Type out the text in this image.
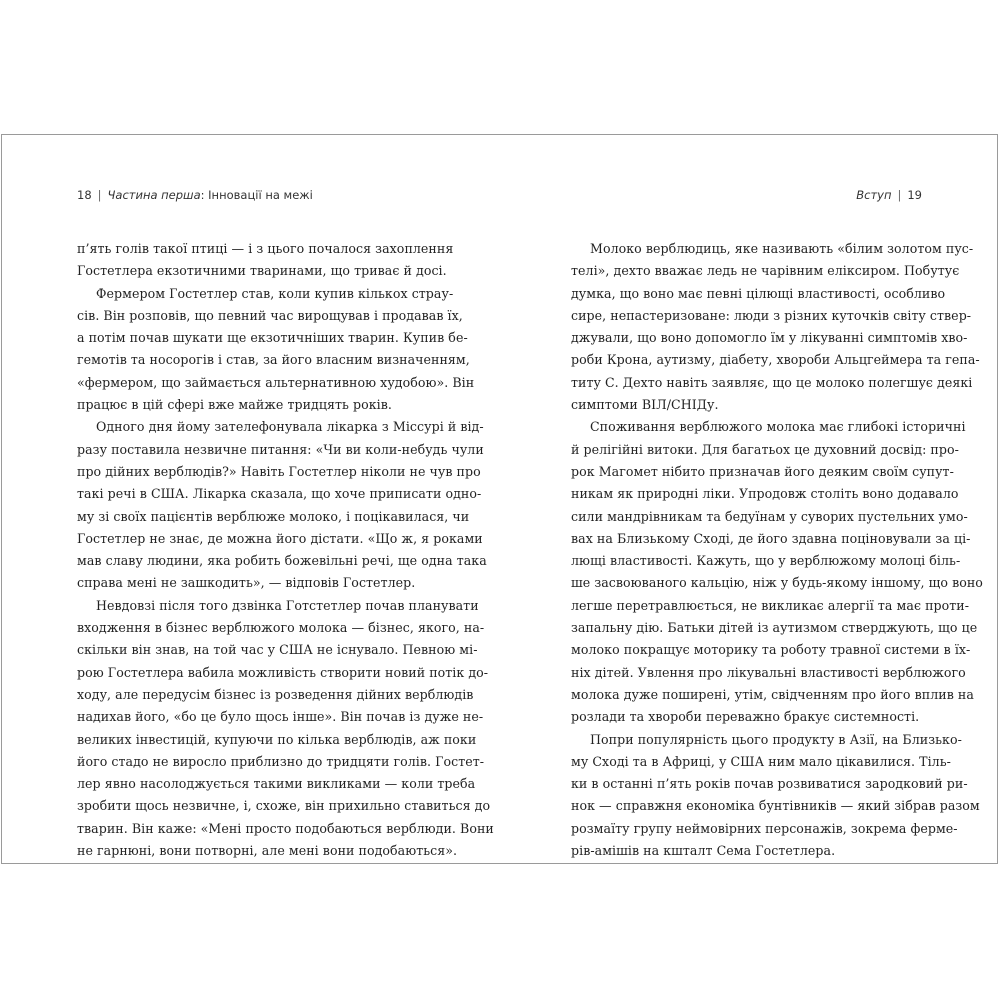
18 | Частина перша: Інновації на межі
п’ять голів такої птиці — і з цього почалося захоплення
Гостетлера екзотичними тваринами, що триває й досі.
Фермером Гостетлер став, коли купив кількох страу-
сів. Він розповів, що певний час вирощував і продавав їх,
а потім почав шукати ще екзотичніших тварин. Купив бе-
гемотів та носорогів і став, за його власним визначенням,
«фермером, що займається альтернативною худобою». Він
працює в цій сфері вже майже тридцять років.
Одного дня йому зателефонувала лікарка з Міссурі й від-
разу поставила незвичне питання: «Чи ви коли-небудь чули
про дійних верблюдів?» Навіть Гостетлер ніколи не чув про
такі речі в США. Лікарка сказала, що хоче приписати одно-
му зі своїх пацієнтів верблюже молоко, і поцікавилася, чи
Гостетлер не знає, де можна його дістати. «Що ж, я роками
мав славу людини, яка робить божевільні речі, ще одна така
справа мені не зашкодить», — відповів Гостетлер.
Невдовзі після того дзвінка Готстетлер почав планувати
входження в бізнес верблюжого молока — бізнес, якого, на-
скільки він знав, на той час у США не існувало. Певною мі-
рою Гостетлера вабила можливість створити новий потік до-
ходу, але передусім бізнес із розведення дійних верблюдів
надихав його, «бо це було щось інше». Він почав із дуже не-
великих інвестицій, купуючи по кілька верблюдів, аж поки
його стадо не виросло приблизно до тридцяти голів. Гостет-
лер явно насолоджується такими викликами — коли треба
зробити щось незвичне, і, схоже, він прихильно ставиться до
тварин. Він каже: «Мені просто подобаються верблюди. Вони
не гарнюні, вони потворні, але мені вони подобаються».
Вступ | 19
Молоко верблюдиць, яке називають «білим золотом пус-
телі», дехто вважає ледь не чарівним еліксиром. Побутує
думка, що воно має певні цілющі властивості, особливо
сире, непастеризоване: люди з різних куточків світу ствер-
джували, що воно допомогло їм у лікуванні симптомів хво-
роби Крона, аутизму, діабету, хвороби Альцгеймера та гепа-
титу С. Дехто навіть заявляє, що це молоко полегшує деякі
симптоми ВІЛ/СНІДу.
Споживання верблюжого молока має глибокі історичні
й релігійні витоки. Для багатьох це духовний досвід: про-
рок Магомет нібито призначав його деяким своїм супут-
никам як природні ліки. Упродовж століть воно додавало
сили мандрівникам та бедуїнам у суворих пустельних умо-
вах на Близькому Сході, де його здавна поціновували за ці-
лющі властивості. Кажуть, що у верблюжому молоці біль-
ше засвоюваного кальцію, ніж у будь-якому іншому, що воно
легше перетравлюється, не викликає алергії та має проти-
запальну дію. Батьки дітей із аутизмом стверджують, що це
молоко покращує моторику та роботу травної системи в їх-
ніх дітей. Увлення про лікувальні властивості верблюжого
молока дуже поширені, утім, свідченням про його вплив на
розлади та хвороби переважно бракує системності.
Попри популярність цього продукту в Азії, на Близько-
му Сході та в Африці, у США ним мало цікавилися. Тіль-
ки в останні п’ять років почав розвиватися зародковий ри-
нок — справжня економіка бунтівників — який зібрав разом
розмаїту групу неймовірних персонажів, зокрема ферме-
рів-амішів на кшталт Сема Гостетлера.
